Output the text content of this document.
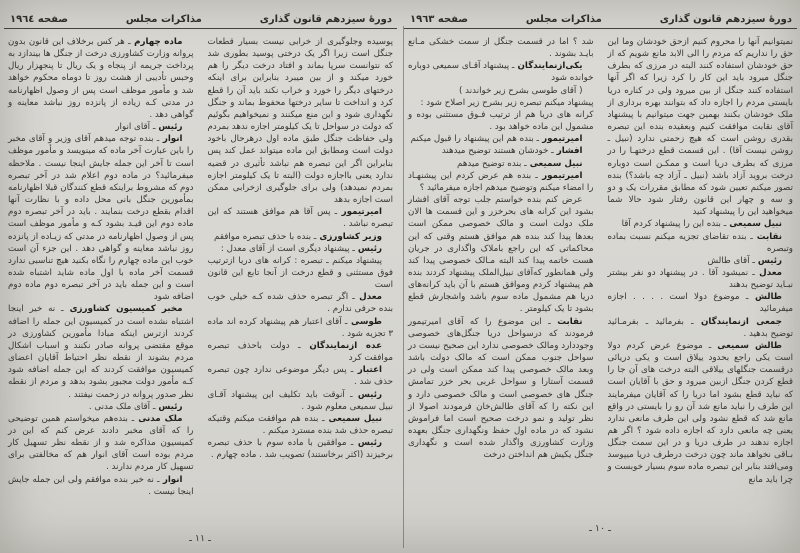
دورهٔ سیزدهم قانون گذاری
مذاکرات مجلس
صفحه ١٩٦٤

پوسیده وجلوگیری از خرابی نیست بسیار قطعات جنگل است زیرا اگر یک درختی پوسید بطوری شد که نتوانست سرپا بماند و افتاد درخت دیگر را هم خورد میکند و از بین میبرد بنابراین برای اینکه درختهای دیگر را خورد و خراب نکند باید آن را قطع کرد و انداخت تا سایر درختها محفوظ بماند و جنگل نگهداری شود و این منع میکنند و نمیخواهیم بگوئیم که دولت در سواحل تا یک کیلومتر اجازه ندهد بمردم ولی حفاظت جنگل طبق ماده اول درهرحال باخود دولت است ومطابق این ماده میتواند عمل کند پس بنابراین اگر این تبصره هم نباشد تأثیری در قضیه ندارد یعنی بااجازه دولت (البته تا یک کیلومتر اجازه بمردم نمیدهد) ولی برای جلوگیری ازخرابی ممکن است اجازه بدهد

امیرتیمور ـ پس آقا هم موافق هستند که این تبصره نباشد .

وزیر کشاورزی ـ بنده با حذف تبصره موافقم

رئیس ـ پیشنهاد دیگری است از آقای معدل :

پیشنهاد میکنم ـ تبصره : کرانه های دریا ازترتیب فوق مستثنی و قطع درخت از آنجا تابع این قانون است

معدل ـ اگر تبصره حذف شده کـه خیلی خوب بنده حرفی ندارم .

طوسی ـ آقای اعتبار هم پیشنهاد کرده اند ماده ۳ تجزیه شود .

عده ازنمایندگان ـ دولت باحذف تبصره موافقت کرد

اعتبار ـ پس دیگر موضوعی ندارد چون تبصره حذف شد .

رئیس ـ آنوقت باید تکلیف این پیشنهاد آقـای نبیل سمیعی معلوم شود .

نبیل سمیعی ـ بنده هم موافقت میکنم وقتیکه تبصره حذف شد بنده مسترد میکنم .

رئیس ـ موافقین با ماده سوم با حذف تبصره برخیزند (اکثر برخاستند) تصویب شد . ماده چهارم .

ماده چهارم ـ هر کس برخلاف این قانون بدون پروانه وزارت کشاورزی درخت از جنگل ها بیندازد به پرداخت جریمه از پنجاه و یک ریال تا پنجهزار ریال وحبس تأدیبی از هشت روز تا دوماه محکوم خواهد شد و مأمور موظف است پس از وصول اظهارنامه در مدتی کـه زیاده از پانزده روز نباشد معاینه و گواهی دهد .

رئیس ـ آقای انوار

انوار ـ بنده توجه میدهم آقای وزیر و آقای مخبر را باین عبارت آخر ماده که مینویسد و مأمور موظف است تا آخر این جمله جایش اینجا نیست . ملاحظه میفرمائید؟ در ماده دوم اعلام شد در آخر تبصره دوم که مشروط براینکه قطع کنندگان قبلا اظهارنامه بمأمورین جنگل بانی محل داده و با نظارت آنها اقدام بقطع درخت بنمایند . باید در آخر تبصره دوم ماده دوم این قیـد بشود کـه و مأمور موظف است پس از وصول اظهارنامه در مدتی که زیـاده از پانزده روز نباشد معاینه و گواهی دهد . این جزء آن است خوب این ماده چهارم را نگاه بکنید هیچ تناسبی ندارد قسمت آخر ماده با اول ماده شاید اشتباه شده است و این جمله باید در آخر تبصره دوم ماده دوم اضافه شود

مخبر کمیسیون کشاورزی ـ نه خیر اینجا اشتباه نشده است در کمیسیون این جمله را اضافه کردند ازترس اینکه مبادا مأمورین کشاورزی در موقع مقتضی پروانه صادر نکنند و اسباب اشکال مردم بشوند از نقطه نظر احتیاط آقایان اعضای کمیسیون موافقت کردند که این جمله اضافه شود کـه مأمور دولت مجبور بشود بدهد و مردم از نقطه نظر صدور پروانه در زحمت نیفتند .

رئیس ـ آقای ملک مدنی .

ملک مدنی ـ بنده‌هم میخواستم همین توضیحی را که آقای مخبر دادند عرض کنم که این در کمیسیون مذاکره شد و از نقطه نظر تسهیل کار مردم بوده است آقای انوار هم که مخالفتی برای تسهیل کار مردم ندارند .

انوار ـ نه خیر بنده موافقم ولی این جمله جایش اینجا نیست .

ـ ١١ ـ
دورهٔ سیزدهم قانون گذاری
مذاکرات مجلس
صفحه ١٩٦٣

نمیتوانیم آنها را محروم کنیم ازحق خودشان وما این حق را نداریم که مردم را الی الابد مانع شویم که از حق خودشان استفاده کنند البته در مرزی که بطرف جنگل میرود باید این کار را کرد زیرا که اگر آنها استفاده کنند جنگل از بین میرود ولی در کناره دریا بایستی مردم را اجازه داد که بتوانند بهره برداری از ملک خودشان بکنند بهمین جهت میتوانیم با پیشنهاد آقای نقابت موافقت کنیم وبعقیده بنده این تبصره بقدری روشن است که هیچ زحمتی ندارد (نبیل ـ روشن نیست آقا) . این قسمت قطع درختهـا را در مرزی که بطرف دریا است و ممکـن است دوباره درخت بروید آزاد باشد (نبیل ـ آزاد چه باشد؟) بنده تصور میکنم تعیین شود که مطابق مقررات یک و دو و سه و چهار این قانون رفتار شود حالا شما میخواهید این را پیشنهاد کنید

نبیل سمیعی ـ بنده این را پیشنهاد کردم آقا

نقابت ـ بنده تقاضای تجزیه میکنم نسبت بماده وتبصره

رئیس ـ آقای طالش

معدل ـ نمیشود آقا . در پیشنهاد دو نفر بیشتر نبـاید توضیح بدهند

طالش ـ موضوع دولا است . . . . اجازه میفرمائید

جمعی ازنمایندگان ـ بفرمائید ـ بفرمـائید توضیح بدهید .

طالش سمیعی ـ موضوع عرض کردم دولا است یکی راجع بحدود ییلاق است و یکی دریائی درقسمت جنگلهای ییلاقی البته درخت های آن جا را قطع کردن جنگل ازبین میرود و حق با آقایان است که نباید قطع بشود اما دریا را که آقایان میفرمایند این طرف را نباید مانع شد آن رو را بایستی در واقع مانع شد که قطع نشود ولی این طرف مانعی ندارد یعنی چه مانعی دارد که اجازه داده شود ؟ اگر هم اجازه ندهند در طرف دریا و در این سمت جنگل بـاقی نخواهد ماند چون درخت درطرف دریا میپوسد ومی‌افتد بنابر این تبصره ماده سوم بسیار خوبست و چرا باید مانع

شد ؟ اما در قسمت جنگل از سمت خشکی مـانع بایـد بشوند .

یکی‌ازنمایندگان ـ پیشنهاد آقـای سمیعی دوباره خوانده شود

( آقای طوسی بشرح زیر خواندند )

پیشنهاد میکنم تبصره زیر بشرح زیر اصلاح شود :

کرانه های دریا هم از ترتیب فـوق مستثنی بوده و مشمول این ماده خواهد بود .

امیرتیمور ـ بنده هم این پیشنهاد را قبول میکنم

افشار ـ خودشان هستند توضیح میدهند

نبیل سمیعی ـ بنده توضیح میدهم

امیرتیمور ـ بنده هم عرض کردم این پیشنهـاد را امضاء میکنم وتوضیح میدهم اجازه میفرمائید ؟

عرض کنم بنده خواستم جلب توجه آقای افشار بشود این کرانه های بحرخزر و این قسمت ها الان ملک دولت است و مالک خصوصی ممکن است بعدها پیدا کند بنده هم موافق هستم وقتی که این محاکماتی که این راجع باملاک واگذاری در جریان هست خاتمه پیدا کند البته مـالک خصوصی پیدا کند ولی همانطور که‌آقای نبیل‌الملک پیشنهاد کردند بنده هم پیشنهاد کردم وموافق هستم با آن باید کرانه‌های دریا هم مشمول ماده سوم باشد واشجارش قطع بشود تا یک کیلومتر .

نقابت ـ این موضوع را که آقای امیرتیمور فرمودند که درسواحل دریا جنگل‌های خصوصی وجوددارد ومالک خصوصی ندارد این صحیح نیست در سواحل جنوب ممکن است که مالک دولت باشد وبعد مالک خصوصی پیدا کند ممکن است ولی در قسمت آستارا و سواحل غربی بحر خزر تمامش جنگل های خصوصی است و مالک خصوصی دارد و این نکته را که آقای طالش‌خان فرمودند اصولا از نظر تولید و نمو درخت صحیح است اما فراموش نشود که در ماده اول حفظ ونگهداری جنگل بعهده وزارت کشاورزی واگذار شده است و نگهداری جنگل یکیش هم انداختن درخت

ـ ١٠ ـ
